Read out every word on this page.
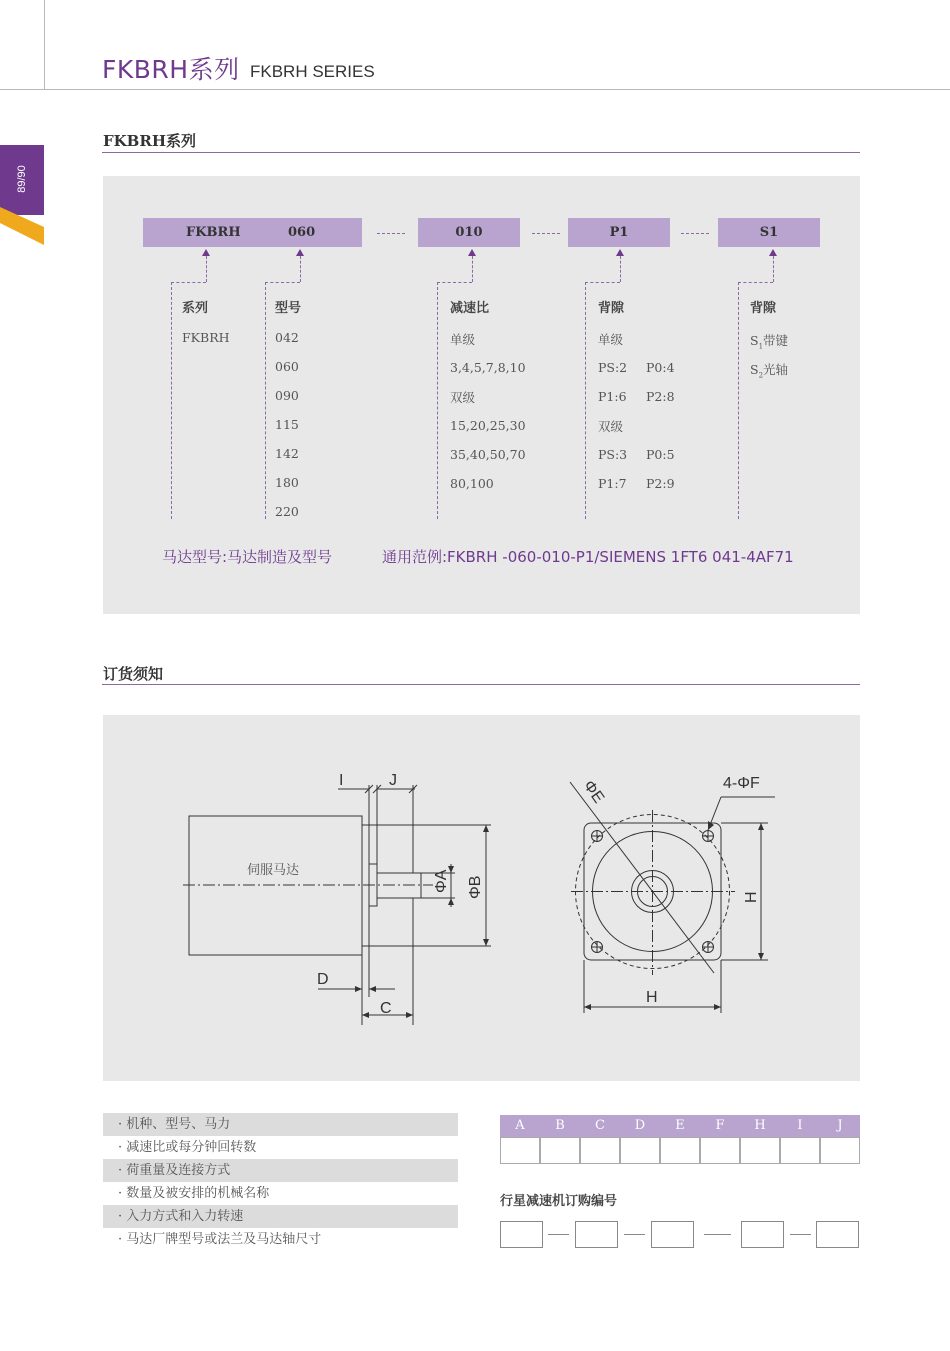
FKBRH系列 FKBRH SERIES
89/90
FKBRH系列
FKBRH	060	010	P1	S1
系列
FKBRH
型号
042
060
090
115
142
180
220
减速比
单级
3,4,5,7,8,10
双级
15,20,25,30
35,40,50,70
80,100
背隙
单级
PS:2 P0:4
P1:6 P2:8
双级
PS:3 P0:5
P1:7 P2:9
背隙
$S_1$带键
$S_2$光轴
马达型号:马达制造及型号	通用范例:FKBRH -060-010-P1/SIEMENS 1FT6 041-4AF71
订货须知
伺服马达
I	J
D
C
4-ΦF
H
ΦA ΦB	H
ΦE
· 机种、型号、马力
· 减速比或每分钟回转数
· 荷重量及连接方式
· 数量及被安排的机械名称
· 入力方式和入力转速
· 马达厂牌型号或法兰及马达轴尺寸
A	B	C	D	E	F	H	I	J
行星减速机订购编号
